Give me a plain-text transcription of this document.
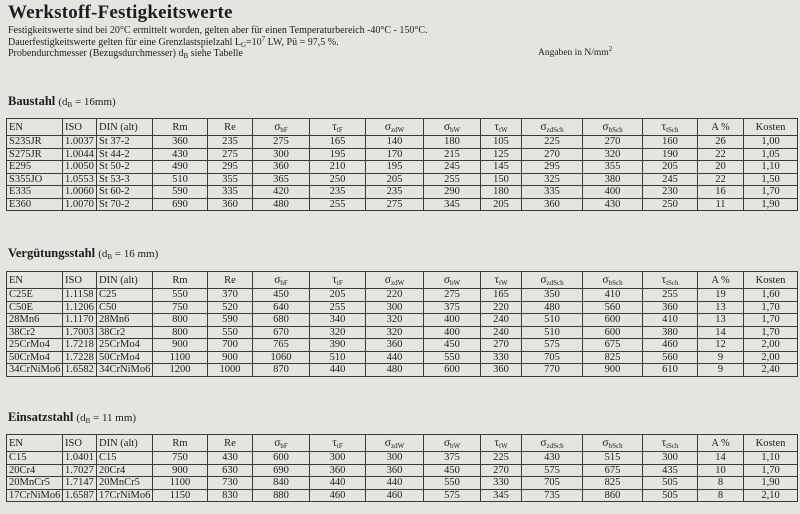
Werkstoff-Festigkeitswerte
Festigkeitswerte sind bei 20°C ermittelt worden, gelten aber für einen Temperaturbereich -40°C - 150°C.
Dauerfestigkeitswerte gelten für eine Grenzlastspielzahl $L_G=10^7$ LW, Pü = 97,5 %.
Probendurchmesser (Bezugsdurchmesser) $d_B$ siehe Tabelle	Angaben in $N/mm^2$
Baustahl $(d_B = 16mm)$
EN	ISO	DIN (alt)	Rm	Re	$\sigma_{bF}$	$\tau_{tF}$	$\sigma_{zdW}$	$\sigma_{bW}$	$\tau_{tW}$	$\sigma_{zdSch}$	$\sigma_{bSch}$	$\tau_{tSch}$	A %	Kosten
S235JR	1.0037	St 37-2	360	235	275	165	140	180	105	225	270	160	26	1,00
S275JR	1.0044	St 44-2	430	275	300	195	170	215	125	270	320	190	22	1,05
E295	1.0050	St 50-2	490	295	360	210	195	245	145	295	355	205	20	1,10
S355JO	1.0553	St 53-3	510	355	365	250	205	255	150	325	380	245	22	1,50
E335	1.0060	St 60-2	590	335	420	235	235	290	180	335	400	230	16	1,70
E360	1.0070	St 70-2	690	360	480	255	275	345	205	360	430	250	11	1,90
Vergütungsstahl ($d_B = 16$ mm)
EN	ISO	DIN (alt)	Rm	Re	$\sigma_{bF}$	$\tau_{tF}$	$\sigma_{zdW}$	$\sigma_{bW}$	$\tau_{tW}$	$\sigma_{zdSch}$	$\sigma_{bSch}$	$\tau_{tSch}$	A %	Kosten
C25E	1.1158	C25	550	370	450	205	220	275	165	350	410	255	19	1,60
C50E	1.1206	C50	750	520	640	255	300	375	220	480	560	360	13	1,70
28Mn6	1.1170	28Mn6	800	590	680	340	320	400	240	510	600	410	13	1,70
38Cr2	1.7003	38Cr2	800	550	670	320	320	400	240	510	600	380	14	1,70
25CrMo4	1.7218	25CrMo4	900	700	765	390	360	450	270	575	675	460	12	2,00
50CrMo4	1.7228	50CrMo4	1100	900	1060	510	440	550	330	705	825	560	9	2,00
34CrNiMo6	1.6582	34CrNiMo6	1200	1000	870	440	480	600	360	770	900	610	9	2,40
Einsatzstahl ($d_B = 11$ mm)
EN	ISO	DIN (alt)	Rm	Re	$\sigma_{bF}$	$\tau_{tF}$	$\sigma_{zdW}$	$\sigma_{bW}$	$\tau_{tW}$	$\sigma_{zdSch}$	$\sigma_{bSch}$	$\tau_{tSch}$	A %	Kosten
C15	1.0401	C15	750	430	600	300	300	375	225	430	515	300	14	1,10
20Cr4	1.7027	20Cr4	900	630	690	360	360	450	270	575	675	435	10	1,70
20MnCr5	1.7147	20MnCr5	1100	730	840	440	440	550	330	705	825	505	8	1,90
17CrNiMo6	1.6587	17CrNiMo6	1150	830	880	460	460	575	345	735	860	505	8	2,10
